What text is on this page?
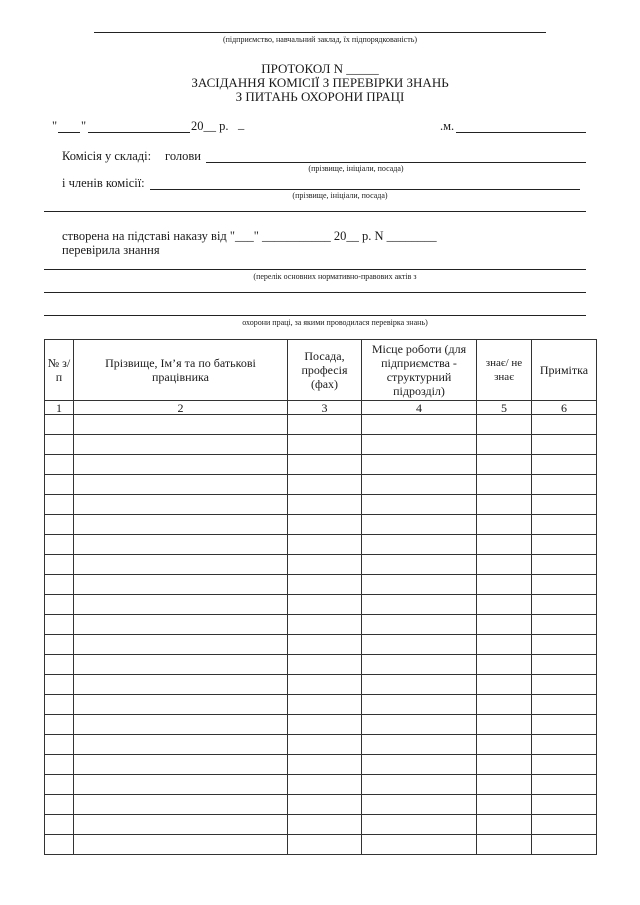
(підприємство, навчальний заклад, їх підпорядкованість)
ПРОТОКОЛ N _____
ЗАСІДАННЯ КОМІСІЇ З ПЕРЕВІРКИ ЗНАНЬ
З ПИТАНЬ ОХОРОНИ ПРАЦІ
" "	20__ р. _	.м.
Комісія у складі: голови
(прізвище, ініціали, посада)
і членів комісії:
(прізвище, ініціали, посада)
створена на підставі наказу від "___" ___________ 20__ р. N ________
перевірила знання
(перелік основних нормативно-правових актів з
охорони праці, за якими проводилася перевірка знань)
№ з/п	Прізвище, Ім’я та по батькові працівника	Посада, професія (фах)	Місце роботи (для підприємства - структурний підрозділ)	знає/ не знає	Примітка
1	2	3	4	5	6
